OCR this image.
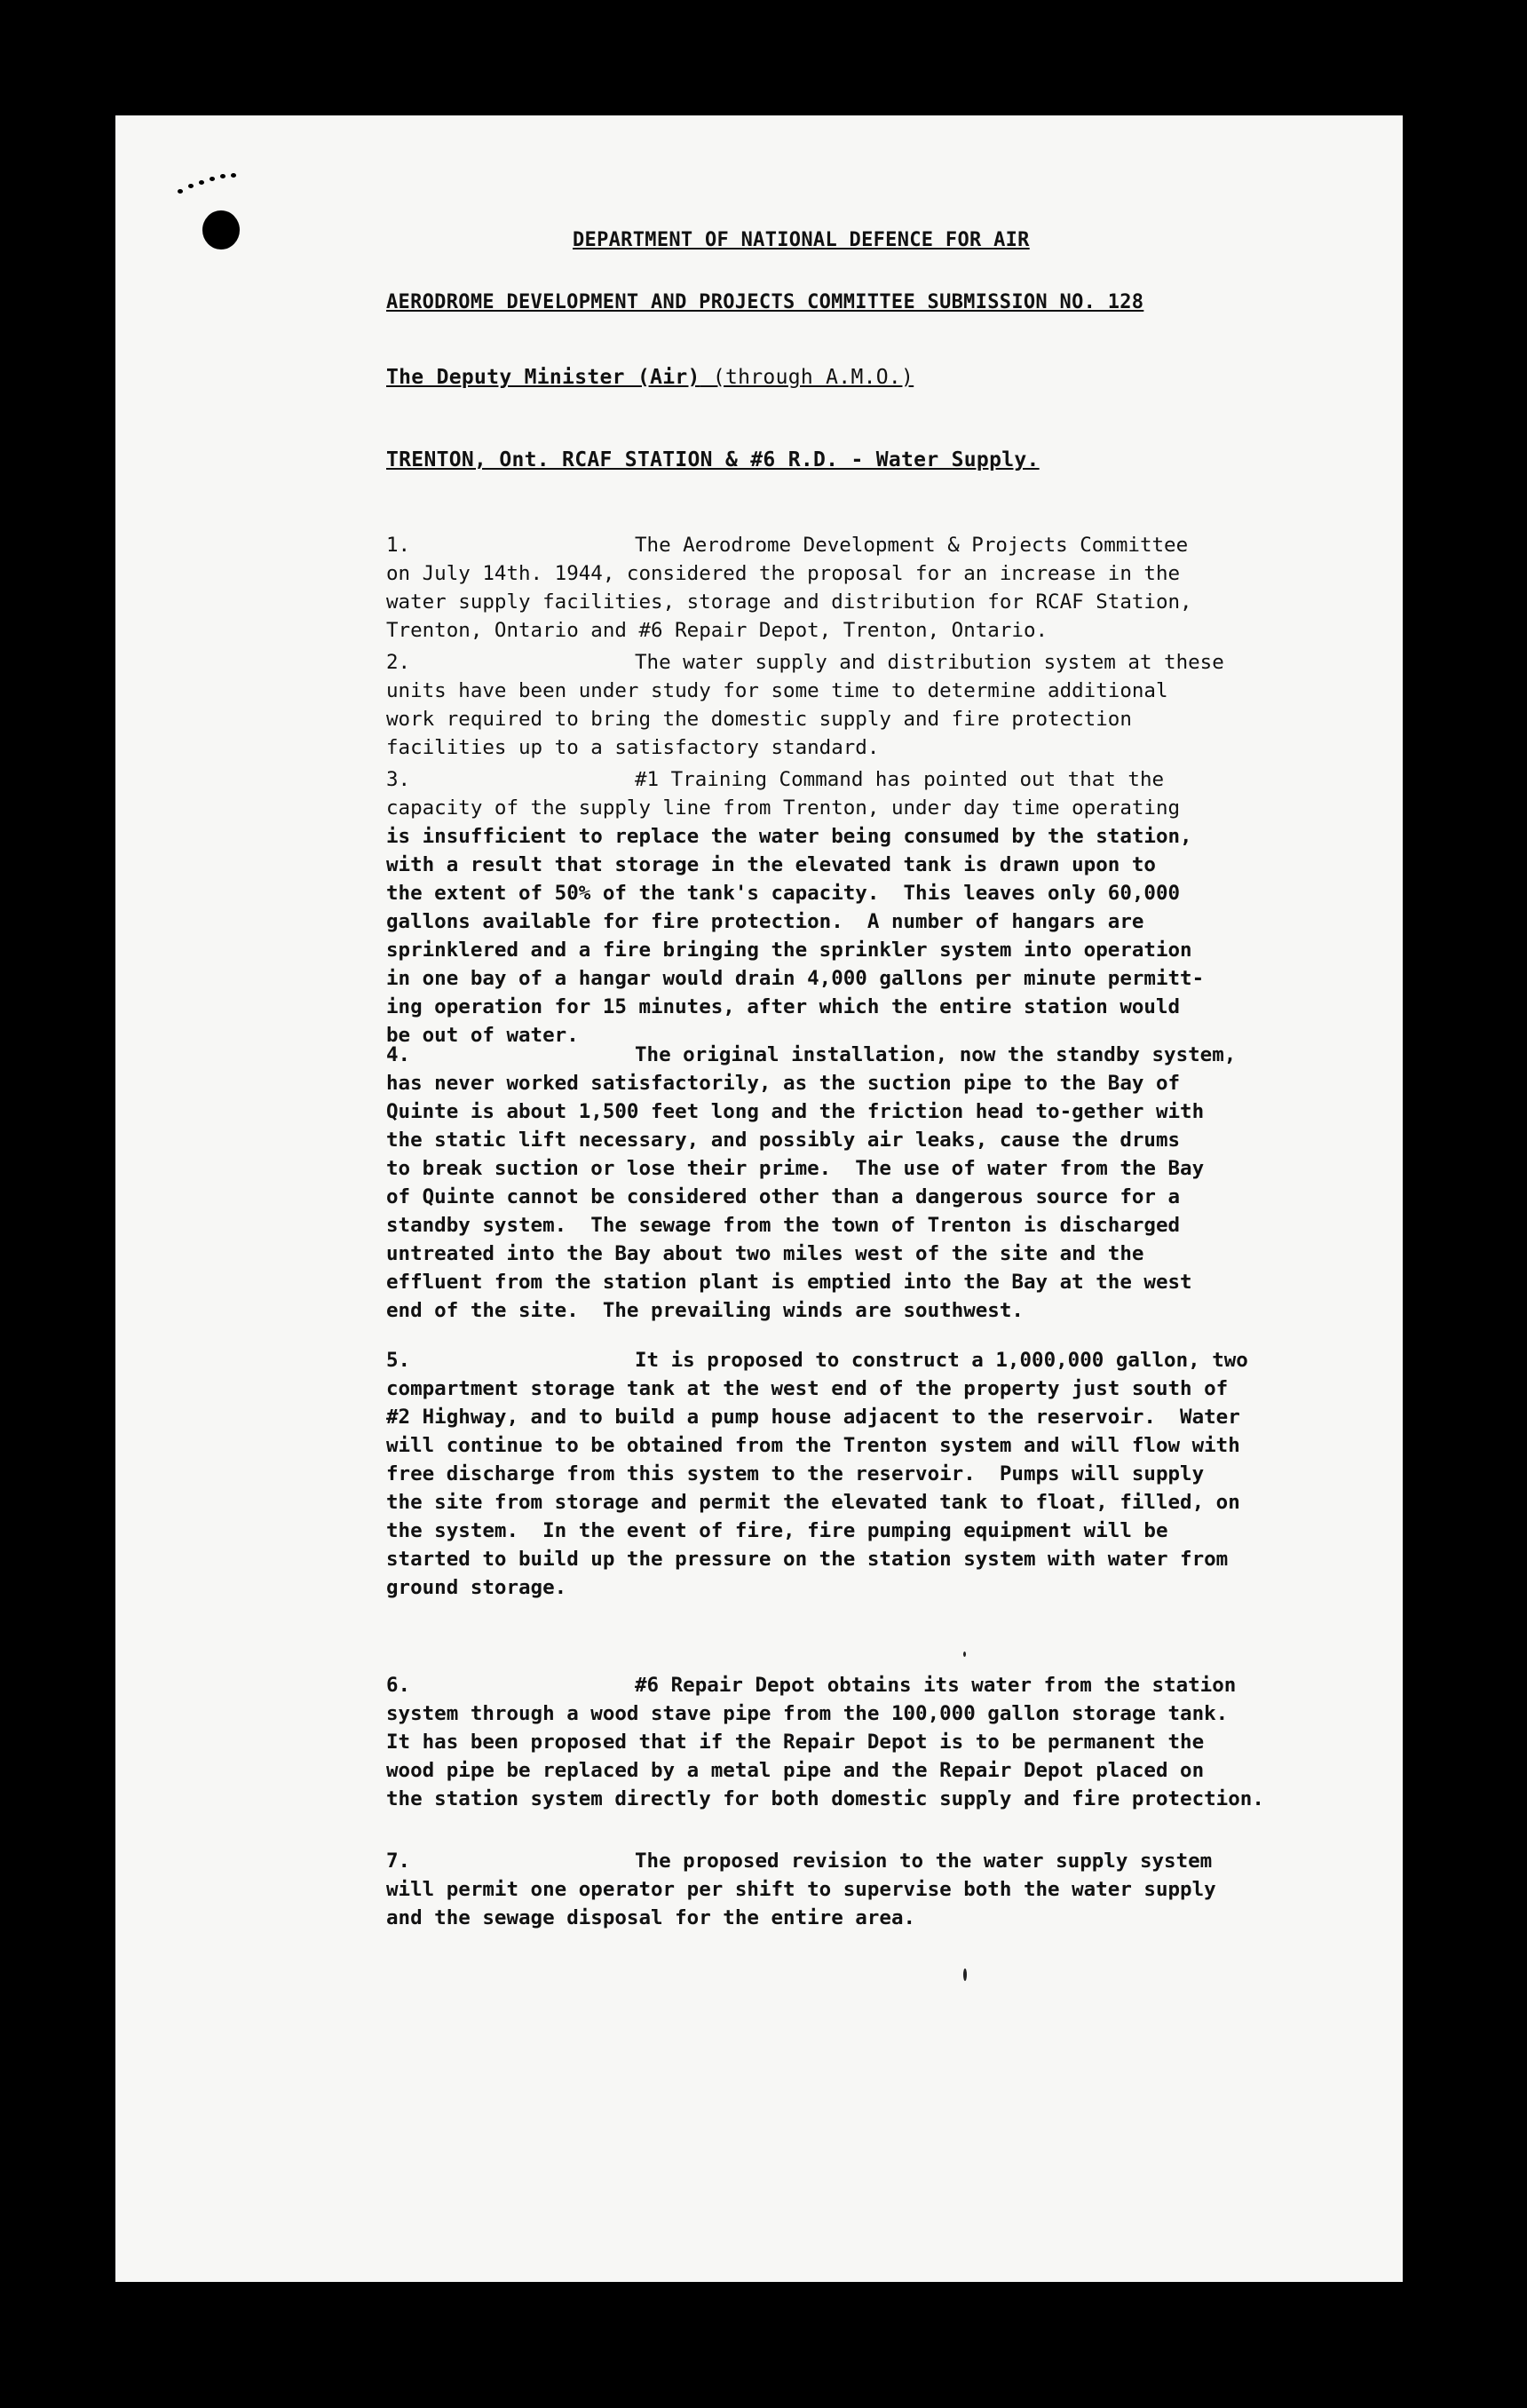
DEPARTMENT OF NATIONAL DEFENCE FOR AIR
AERODROME DEVELOPMENT AND PROJECTS COMMITTEE SUBMISSION NO. 128
The Deputy Minister (Air) (through A.M.O.)
TRENTON, Ont. RCAF STATION & #6 R.D. - Water Supply.
1.	The Aerodrome Development & Projects Committee
on July 14th. 1944, considered the proposal for an increase in the
water supply facilities, storage and distribution for RCAF Station,
Trenton, Ontario and #6 Repair Depot, Trenton, Ontario.
2.	The water supply and distribution system at these
units have been under study for some time to determine additional
work required to bring the domestic supply and fire protection
facilities up to a satisfactory standard.
3.	#1 Training Command has pointed out that the
capacity of the supply line from Trenton, under day time operating
is insufficient to replace the water being consumed by the station,
with a result that storage in the elevated tank is drawn upon to
the extent of 50% of the tank's capacity.  This leaves only 60,000
gallons available for fire protection.  A number of hangars are
sprinklered and a fire bringing the sprinkler system into operation
in one bay of a hangar would drain 4,000 gallons per minute permitt-
ing operation for 15 minutes, after which the entire station would
be out of water.
4.	The original installation, now the standby system,
has never worked satisfactorily, as the suction pipe to the Bay of
Quinte is about 1,500 feet long and the friction head to-gether with
the static lift necessary, and possibly air leaks, cause the drums
to break suction or lose their prime.  The use of water from the Bay
of Quinte cannot be considered other than a dangerous source for a
standby system.  The sewage from the town of Trenton is discharged
untreated into the Bay about two miles west of the site and the
effluent from the station plant is emptied into the Bay at the west
end of the site.  The prevailing winds are southwest.
5.	It is proposed to construct a 1,000,000 gallon, two
compartment storage tank at the west end of the property just south of
#2 Highway, and to build a pump house adjacent to the reservoir.  Water
will continue to be obtained from the Trenton system and will flow with
free discharge from this system to the reservoir.  Pumps will supply
the site from storage and permit the elevated tank to float, filled, on
the system.  In the event of fire, fire pumping equipment will be
started to build up the pressure on the station system with water from
ground storage.
6.	#6 Repair Depot obtains its water from the station
system through a wood stave pipe from the 100,000 gallon storage tank.
It has been proposed that if the Repair Depot is to be permanent the
wood pipe be replaced by a metal pipe and the Repair Depot placed on
the station system directly for both domestic supply and fire protection.
7.	The proposed revision to the water supply system
will permit one operator per shift to supervise both the water supply
and the sewage disposal for the entire area.
